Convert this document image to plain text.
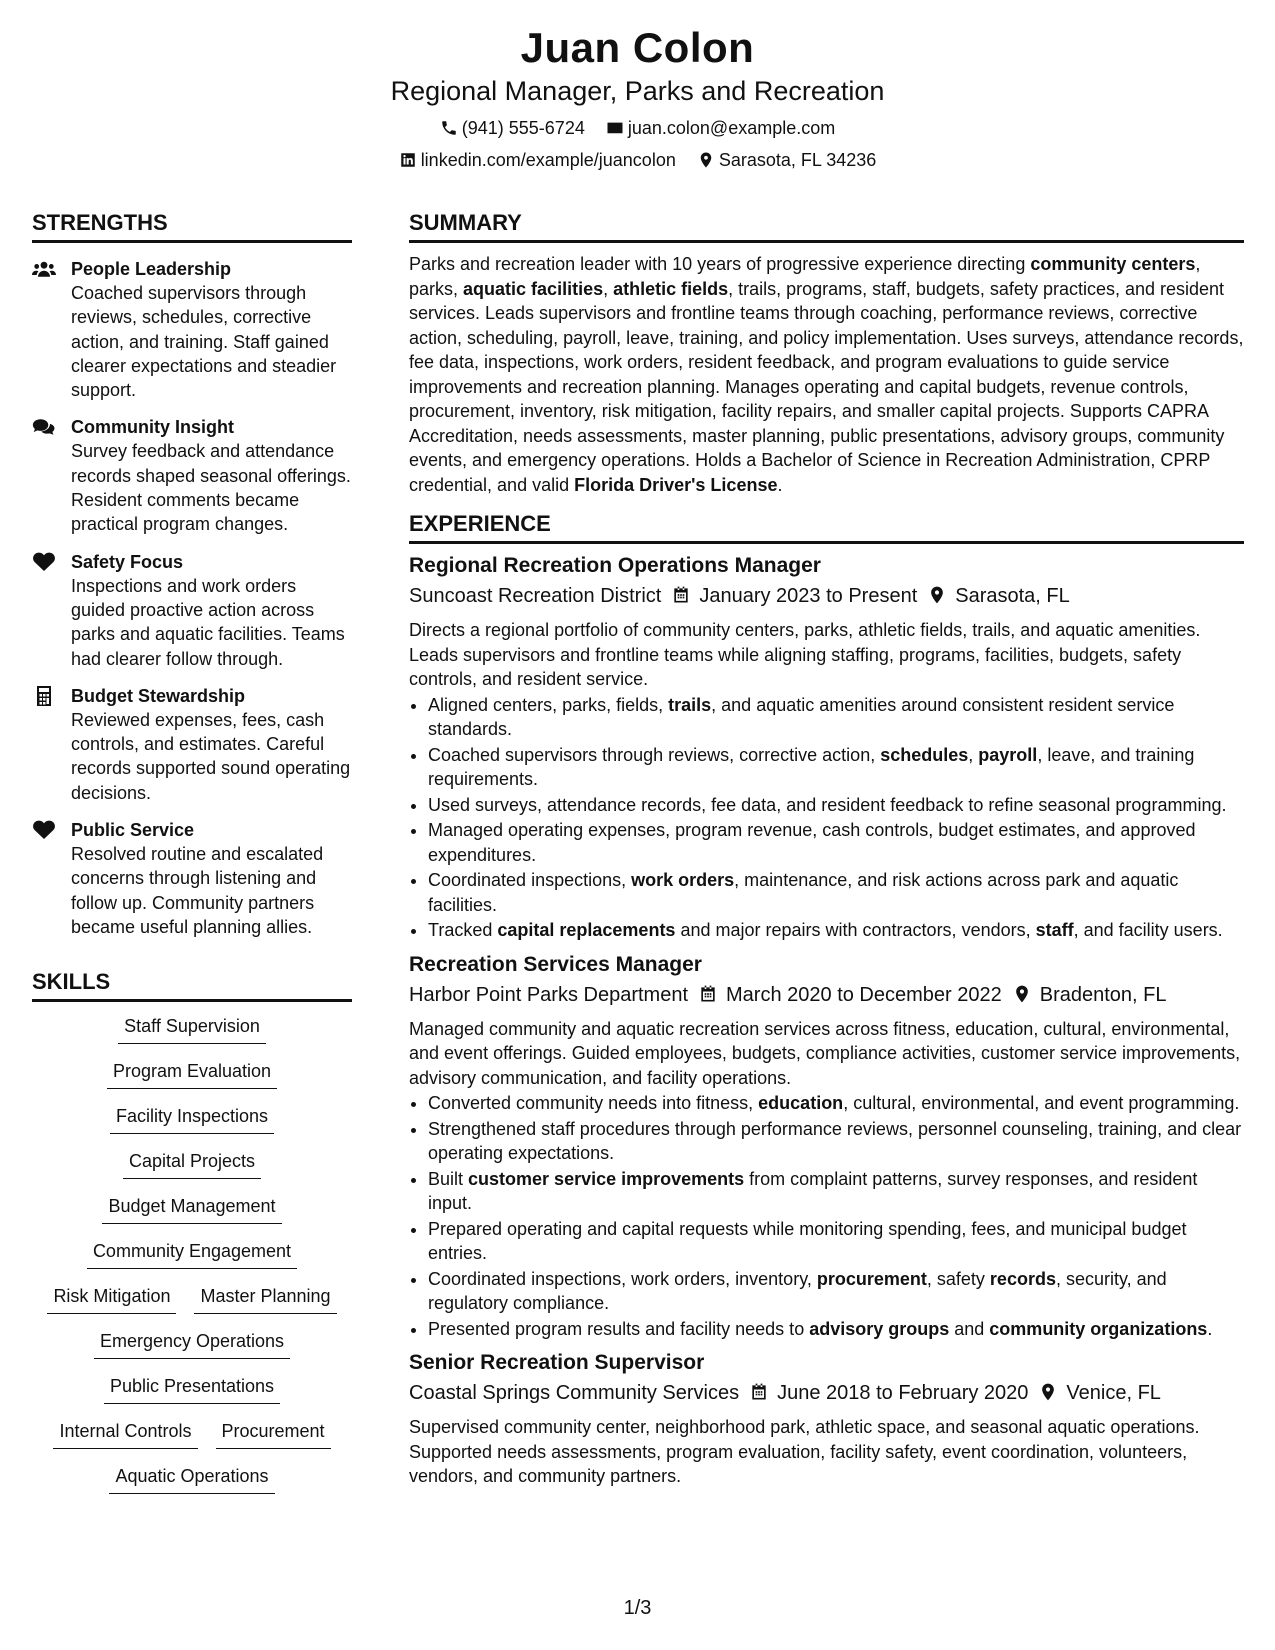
Juan Colon
Regional Manager, Parks and Recreation
(941) 555-6724 juan.colon@example.com
linkedin.com/example/juancolon Sarasota, FL 34236
STRENGTHS
People Leadership
Coached supervisors through reviews, schedules, corrective action, and training. Staff gained clearer expectations and steadier support.
Community Insight
Survey feedback and attendance records shaped seasonal offerings. Resident comments became practical program changes.
Safety Focus
Inspections and work orders guided proactive action across parks and aquatic facilities. Teams had clearer follow through.
Budget Stewardship
Reviewed expenses, fees, cash controls, and estimates. Careful records supported sound operating decisions.
Public Service
Resolved routine and escalated concerns through listening and follow up. Community partners became useful planning allies.
SKILLS
Staff Supervision
Program Evaluation
Facility Inspections
Capital Projects
Budget Management
Community Engagement
Risk Mitigation	Master Planning
Emergency Operations
Public Presentations
Internal Controls	Procurement
Aquatic Operations
SUMMARY
Parks and recreation leader with 10 years of progressive experience directing community centers, parks, aquatic facilities, athletic fields, trails, programs, staff, budgets, safety practices, and resident services. Leads supervisors and frontline teams through coaching, performance reviews, corrective action, scheduling, payroll, leave, training, and policy implementation. Uses surveys, attendance records, fee data, inspections, work orders, resident feedback, and program evaluations to guide service improvements and recreation planning. Manages operating and capital budgets, revenue controls, procurement, inventory, risk mitigation, facility repairs, and smaller capital projects. Supports CAPRA Accreditation, needs assessments, master planning, public presentations, advisory groups, community events, and emergency operations. Holds a Bachelor of Science in Recreation Administration, CPRP credential, and valid Florida Driver's License.
EXPERIENCE
Regional Recreation Operations Manager
Suncoast Recreation District January 2023 to Present Sarasota, FL
Directs a regional portfolio of community centers, parks, athletic fields, trails, and aquatic amenities. Leads supervisors and frontline teams while aligning staffing, programs, facilities, budgets, safety controls, and resident service.
• Aligned centers, parks, fields, trails, and aquatic amenities around consistent resident service standards.
• Coached supervisors through reviews, corrective action, schedules, payroll, leave, and training requirements.
• Used surveys, attendance records, fee data, and resident feedback to refine seasonal programming.
• Managed operating expenses, program revenue, cash controls, budget estimates, and approved expenditures.
• Coordinated inspections, work orders, maintenance, and risk actions across park and aquatic facilities.
• Tracked capital replacements and major repairs with contractors, vendors, staff, and facility users.
Recreation Services Manager
Harbor Point Parks Department March 2020 to December 2022 Bradenton, FL
Managed community and aquatic recreation services across fitness, education, cultural, environmental, and event offerings. Guided employees, budgets, compliance activities, customer service improvements, advisory communication, and facility operations.
• Converted community needs into fitness, education, cultural, environmental, and event programming.
• Strengthened staff procedures through performance reviews, personnel counseling, training, and clear operating expectations.
• Built customer service improvements from complaint patterns, survey responses, and resident input.
• Prepared operating and capital requests while monitoring spending, fees, and municipal budget entries.
• Coordinated inspections, work orders, inventory, procurement, safety records, security, and regulatory compliance.
• Presented program results and facility needs to advisory groups and community organizations.
Senior Recreation Supervisor
Coastal Springs Community Services June 2018 to February 2020 Venice, FL
Supervised community center, neighborhood park, athletic space, and seasonal aquatic operations. Supported needs assessments, program evaluation, facility safety, event coordination, volunteers, vendors, and community partners.
1/3
